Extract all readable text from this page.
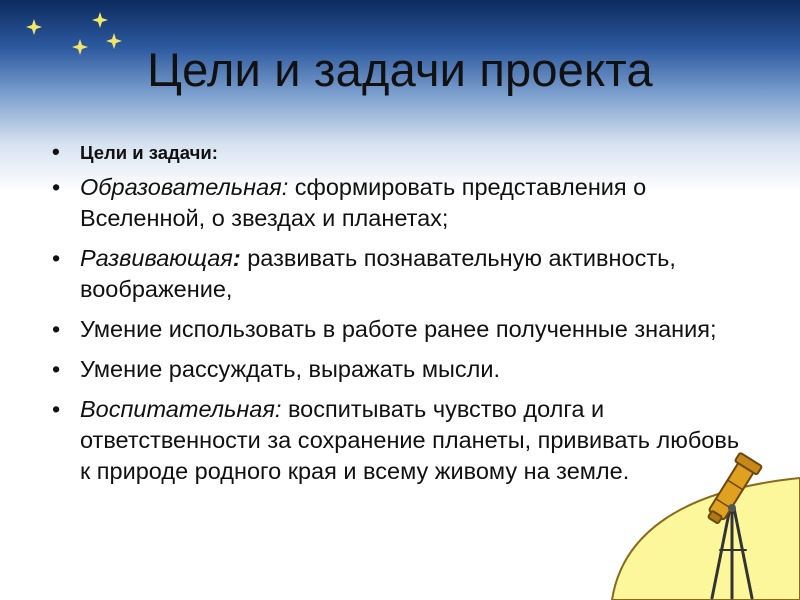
Цели и задачи проекта
• Цели и задачи:
• Образовательная: сформировать представления о Вселенной, о звездах и планетах;
• Развивающая: развивать познавательную активность, воображение,
• Умение использовать в работе ранее полученные знания;
• Умение рассуждать, выражать мысли.
• Воспитательная: воспитывать чувство долга и ответственности за сохранение планеты, прививать любовь к природе родного края и всему живому на земле.
